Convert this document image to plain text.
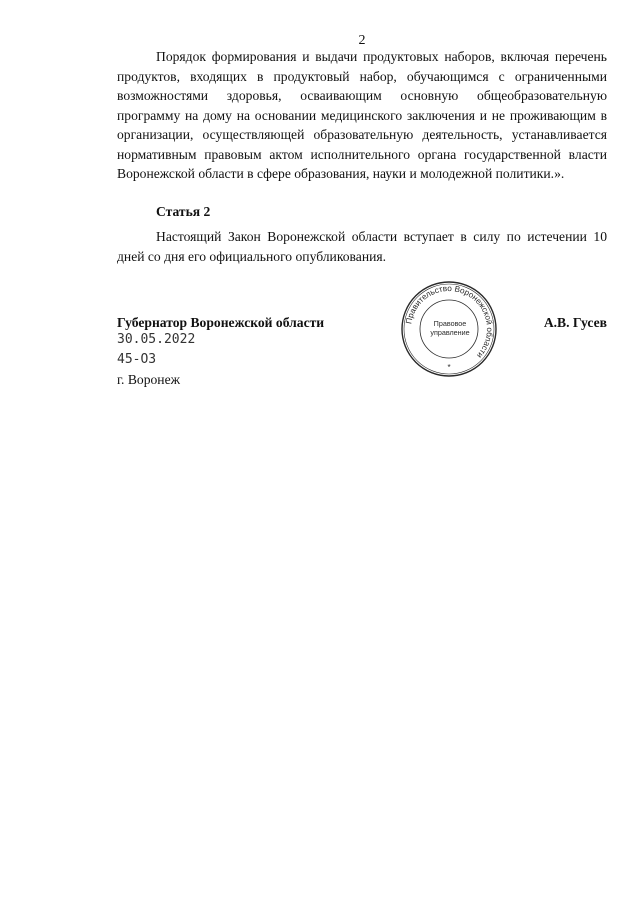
2

Порядок формирования и выдачи продуктовых наборов, включая перечень продуктов, входящих в продуктовый набор, обучающимся с ограниченными возможностями здоровья, осваивающим основную общеобразовательную программу на дому на основании медицинского заключения и не проживающим в организации, осуществляющей образовательную деятельность, устанавливается нормативным правовым актом исполнительного органа государственной власти Воронежской области в сфере образования, науки и молодежной политики.».

Статья 2

Настоящий Закон Воронежской области вступает в силу по истечении 10 дней со дня его официального опубликования.

Губернатор Воронежской области	Правительство Воронежской области
Правовое
управление
*
А.В. Гусев
30.05.2022
45-ОЗ
г. Воронеж
